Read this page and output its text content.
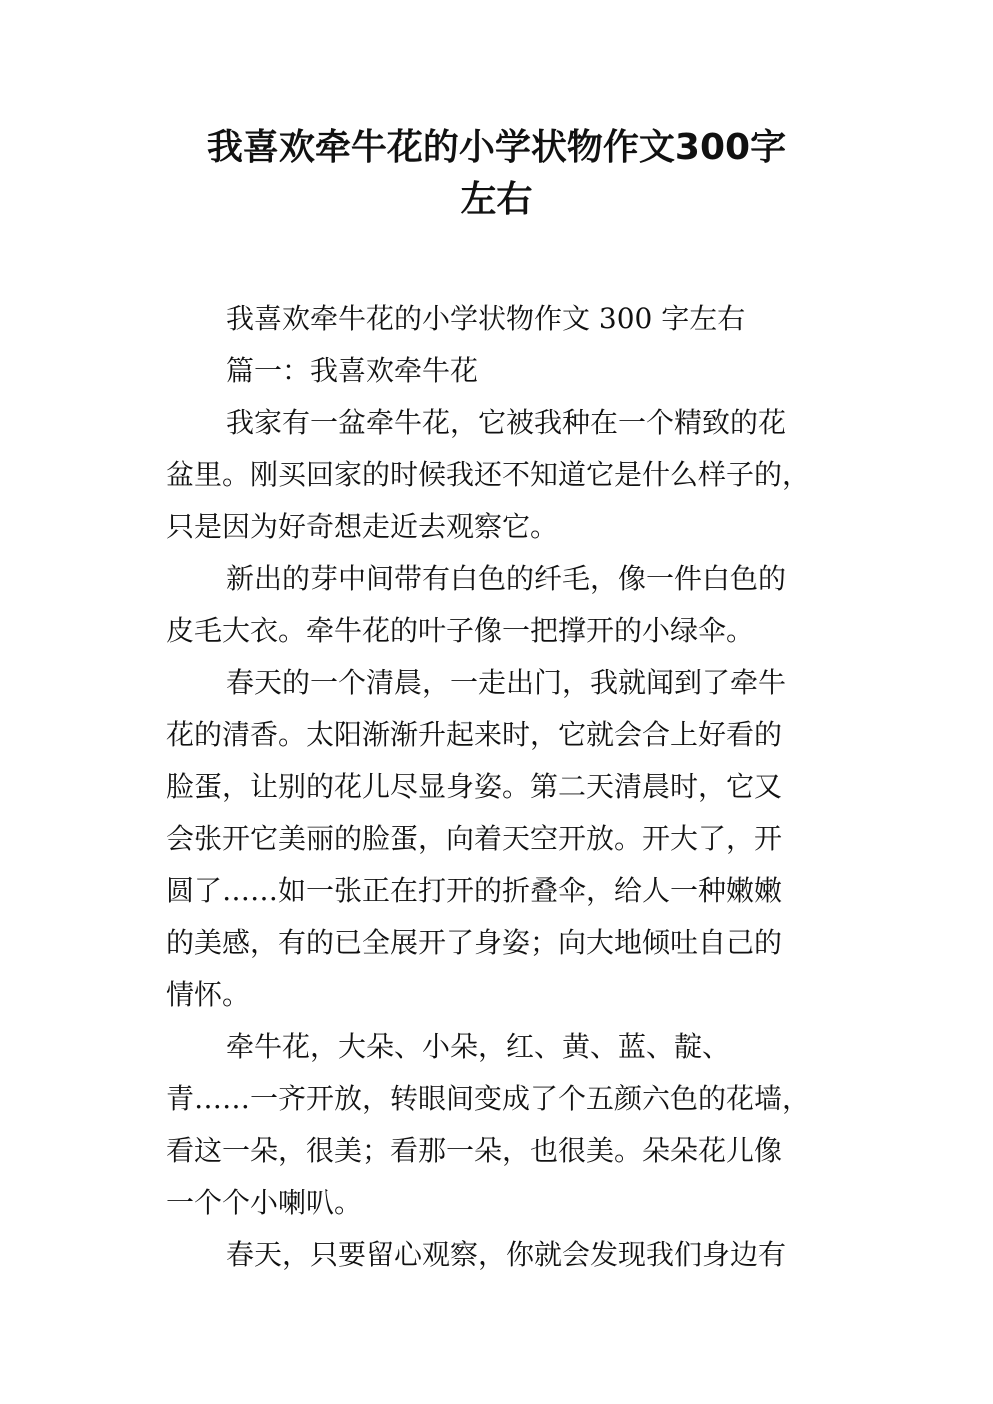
我喜欢牵牛花的小学状物作文300字
左右
我喜欢牵牛花的小学状物作文 300 字左右
篇一：我喜欢牵牛花
我家有一盆牵牛花，它被我种在一个精致的花
盆里。刚买回家的时候我还不知道它是什么样子的，
只是因为好奇想走近去观察它。
新出的芽中间带有白色的纤毛，像一件白色的
皮毛大衣。牵牛花的叶子像一把撑开的小绿伞。
春天的一个清晨，一走出门，我就闻到了牵牛
花的清香。太阳渐渐升起来时，它就会合上好看的
脸蛋，让别的花儿尽显身姿。第二天清晨时，它又
会张开它美丽的脸蛋，向着天空开放。开大了，开
圆了……如一张正在打开的折叠伞，给人一种嫩嫩
的美感，有的已全展开了身姿；向大地倾吐自己的
情怀。
牵牛花，大朵、小朵，红、黄、蓝、靛、
青……一齐开放，转眼间变成了个五颜六色的花墙，
看这一朵，很美；看那一朵，也很美。朵朵花儿像
一个个小喇叭。
春天，只要留心观察，你就会发现我们身边有
